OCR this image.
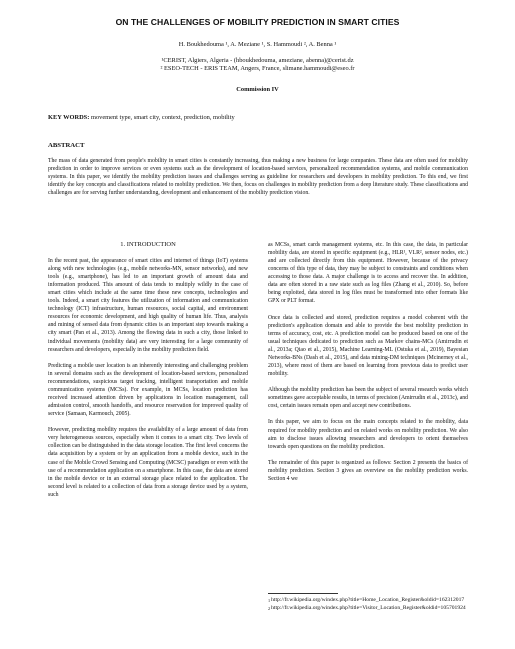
ON THE CHALLENGES OF MOBILITY PREDICTION IN SMART CITIES
H. Boukhedouma ¹, A. Meziane ¹, S. Hammoudi ², A. Benna ¹
¹CERIST, Algiers, Algeria - (hboukhedouma, ameziane, abenna)@cerist.dz
² ESEO-TECH - ERIS TEAM, Angers, France, slimane.hammoudi@eseo.fr
Commission IV
KEY WORDS: movement type, smart city, context, prediction, mobility
ABSTRACT
The mass of data generated from people's mobility in smart cities is constantly increasing, thus making a new business for large companies. These data are often used for mobility prediction in order to improve services or even systems such as the development of location-based services, personalized recommendation systems, and mobile communication systems. In this paper, we identify the mobility prediction issues and challenges serving as guideline for researchers and developers in mobility prediction. To this end, we first identify the key concepts and classifications related to mobility prediction. We then, focus on challenges in mobility prediction from a deep literature study. These classifications and challenges are for serving further understanding, development and enhancement of the mobility prediction vision.
1. INTRODUCTION

In the recent past, the appearance of smart cities and internet of things (IoT) systems along with new technologies (e.g., mobile networks-MN, sensor networks), and new tools (e.g., smartphone), has led to an important growth of amount data and information produced. This amount of data tends to multiply wildly in the case of smart cities which include at the same time these new concepts, technologies and tools. Indeed, a smart city features the utilization of information and communication technology (ICT) infrastructure, human resources, social capital, and environment resources for economic development, and high quality of human life. Thus, analysis and mining of sensed data from dynamic cities is an important step towards making a city smart (Pan et al., 2013). Among the flowing data in such a city, those linked to individual movements (mobility data) are very interesting for a large community of researchers and developers, especially in the mobility prediction field.

Predicting a mobile user location is an inherently interesting and challenging problem in several domains such as the development of location-based services, personalized recommendations, suspicious target tracking, intelligent transportation and mobile communication systems (MCSs). For example, in MCSs, location prediction has received increased attention driven by applications in location management, call admission control, smooth handoffs, and resource reservation for improved quality of service (Samaan, Karmouch, 2005).

However, predicting mobility requires the availability of a large amount of data from very heterogeneous sources, especially when it comes to a smart city. Two levels of collection can be distinguished in the data storage location. The first level concerns the data acquisition by a system or by an application from a mobile device, such in the case of the Mobile Crowd Sensing and Computing (MCSC) paradigm or even with the use of a recommendation application on a smartphone. In this case, the data are stored in the mobile device or in an external storage place related to the application. The second level is related to a collection of data from a storage device used by a system, such

as MCSs, smart cards management systems, etc. In this case, the data, in particular mobility data, are stored in specific equipment (e.g., HLR¹, VLR², sensor nodes, etc.) and are collected directly from this equipment. However, because of the privacy concerns of this type of data, they may be subject to constraints and conditions when accessing to those data. A major challenge is to access and recover the. In addition, data are often stored in a raw state such as log files (Zhang et al., 2010). So, before being exploited, data stored in log files must be transformed into other formats like GPX or PLT format.

Once data is collected and stored, prediction requires a model coherent with the prediction's application domain and able to provide the best mobility prediction in terms of accuracy, cost, etc. A prediction model can be produced based on one of the usual techniques dedicated to prediction such as Markov chains-MCs (Amirrudin et al., 2013a; Qiao et al., 2015), Machine Learning-ML (Ostuka et al., 2019), Bayesian Networks-BNs (Dash et al., 2015), and data mining-DM techniques (Mcinerney et al., 2013), where most of them are based on learning from previous data to predict user mobility.

Although the mobility prediction has been the subject of several research works which sometimes gave acceptable results, in terms of precision (Amirrudin et al., 2013c), and cost, certain issues remain open and accept new contributions.

In this paper, we aim to focus on the main concepts related to the mobility, data required for mobility prediction and on related works on mobility prediction. We also aim to disclose issues allowing researchers and developers to orient themselves towards open questions on the mobility prediction.

The remainder of this paper is organized as follows: Section 2 presents the basics of mobility prediction. Section 3 gives an overview on the mobility prediction works. Section 4 we

1 http://fr.wikipedia.org/windex.php?title=Home_Location_Register&oldid=162312017
2 http://fr.wikipedia.org/windex.php?title=Visitor_Location_Register&oldid=105701924
